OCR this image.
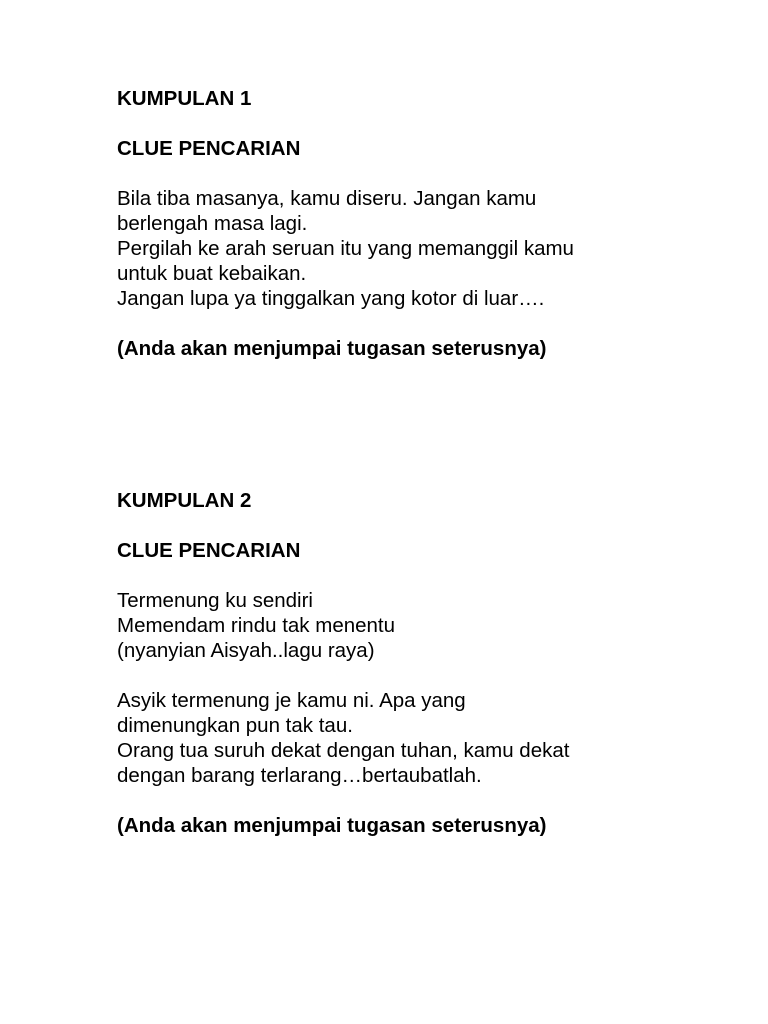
KUMPULAN 1

CLUE PENCARIAN

Bila tiba masanya, kamu diseru. Jangan kamu

berlengah masa lagi.

Pergilah ke arah seruan itu yang memanggil kamu

untuk buat kebaikan.

Jangan lupa ya tinggalkan yang kotor di luar….

(Anda akan menjumpai tugasan seterusnya)

KUMPULAN 2

CLUE PENCARIAN

Termenung ku sendiri

Memendam rindu tak menentu

(nyanyian Aisyah..lagu raya)

Asyik termenung je kamu ni. Apa yang

dimenungkan pun tak tau.

Orang tua suruh dekat dengan tuhan, kamu dekat

dengan barang terlarang…bertaubatlah.

(Anda akan menjumpai tugasan seterusnya)
